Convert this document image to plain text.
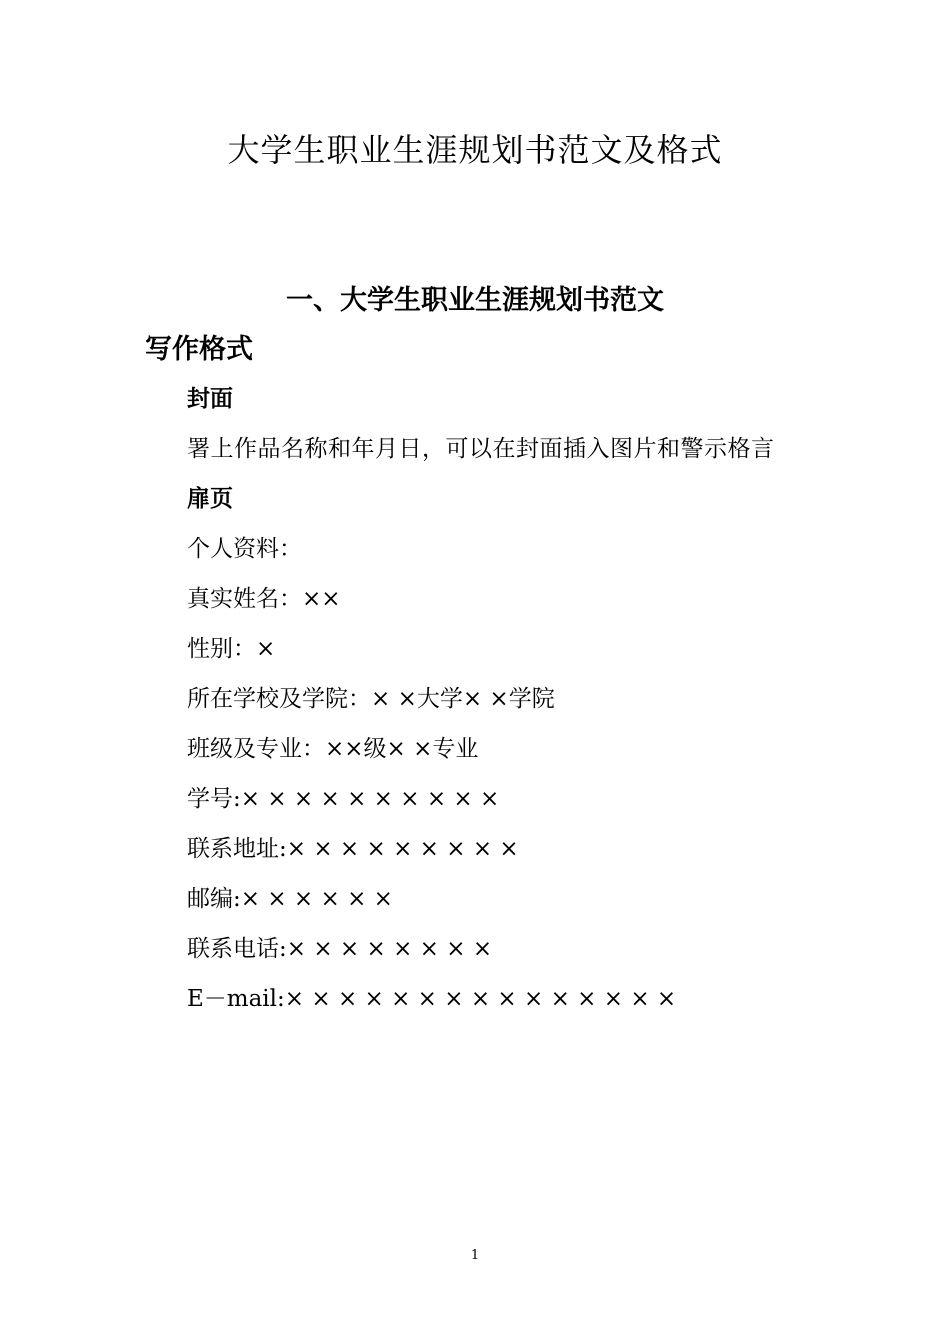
大学生职业生涯规划书范文及格式
一、大学生职业生涯规划书范文
写作格式

封面

署上作品名称和年月日，可以在封面插入图片和警示格言

扉页

个人资料：

真实姓名：××

性别：×

所在学校及学院：× ×大学× ×学院

班级及专业：××级× ×专业

学号:× × × × × × × × × ×

联系地址:× × × × × × × × ×

邮编:× × × × × ×

联系电话:× × × × × × × ×

E－mail:× × × × × × × × × × × × × × ×

1
